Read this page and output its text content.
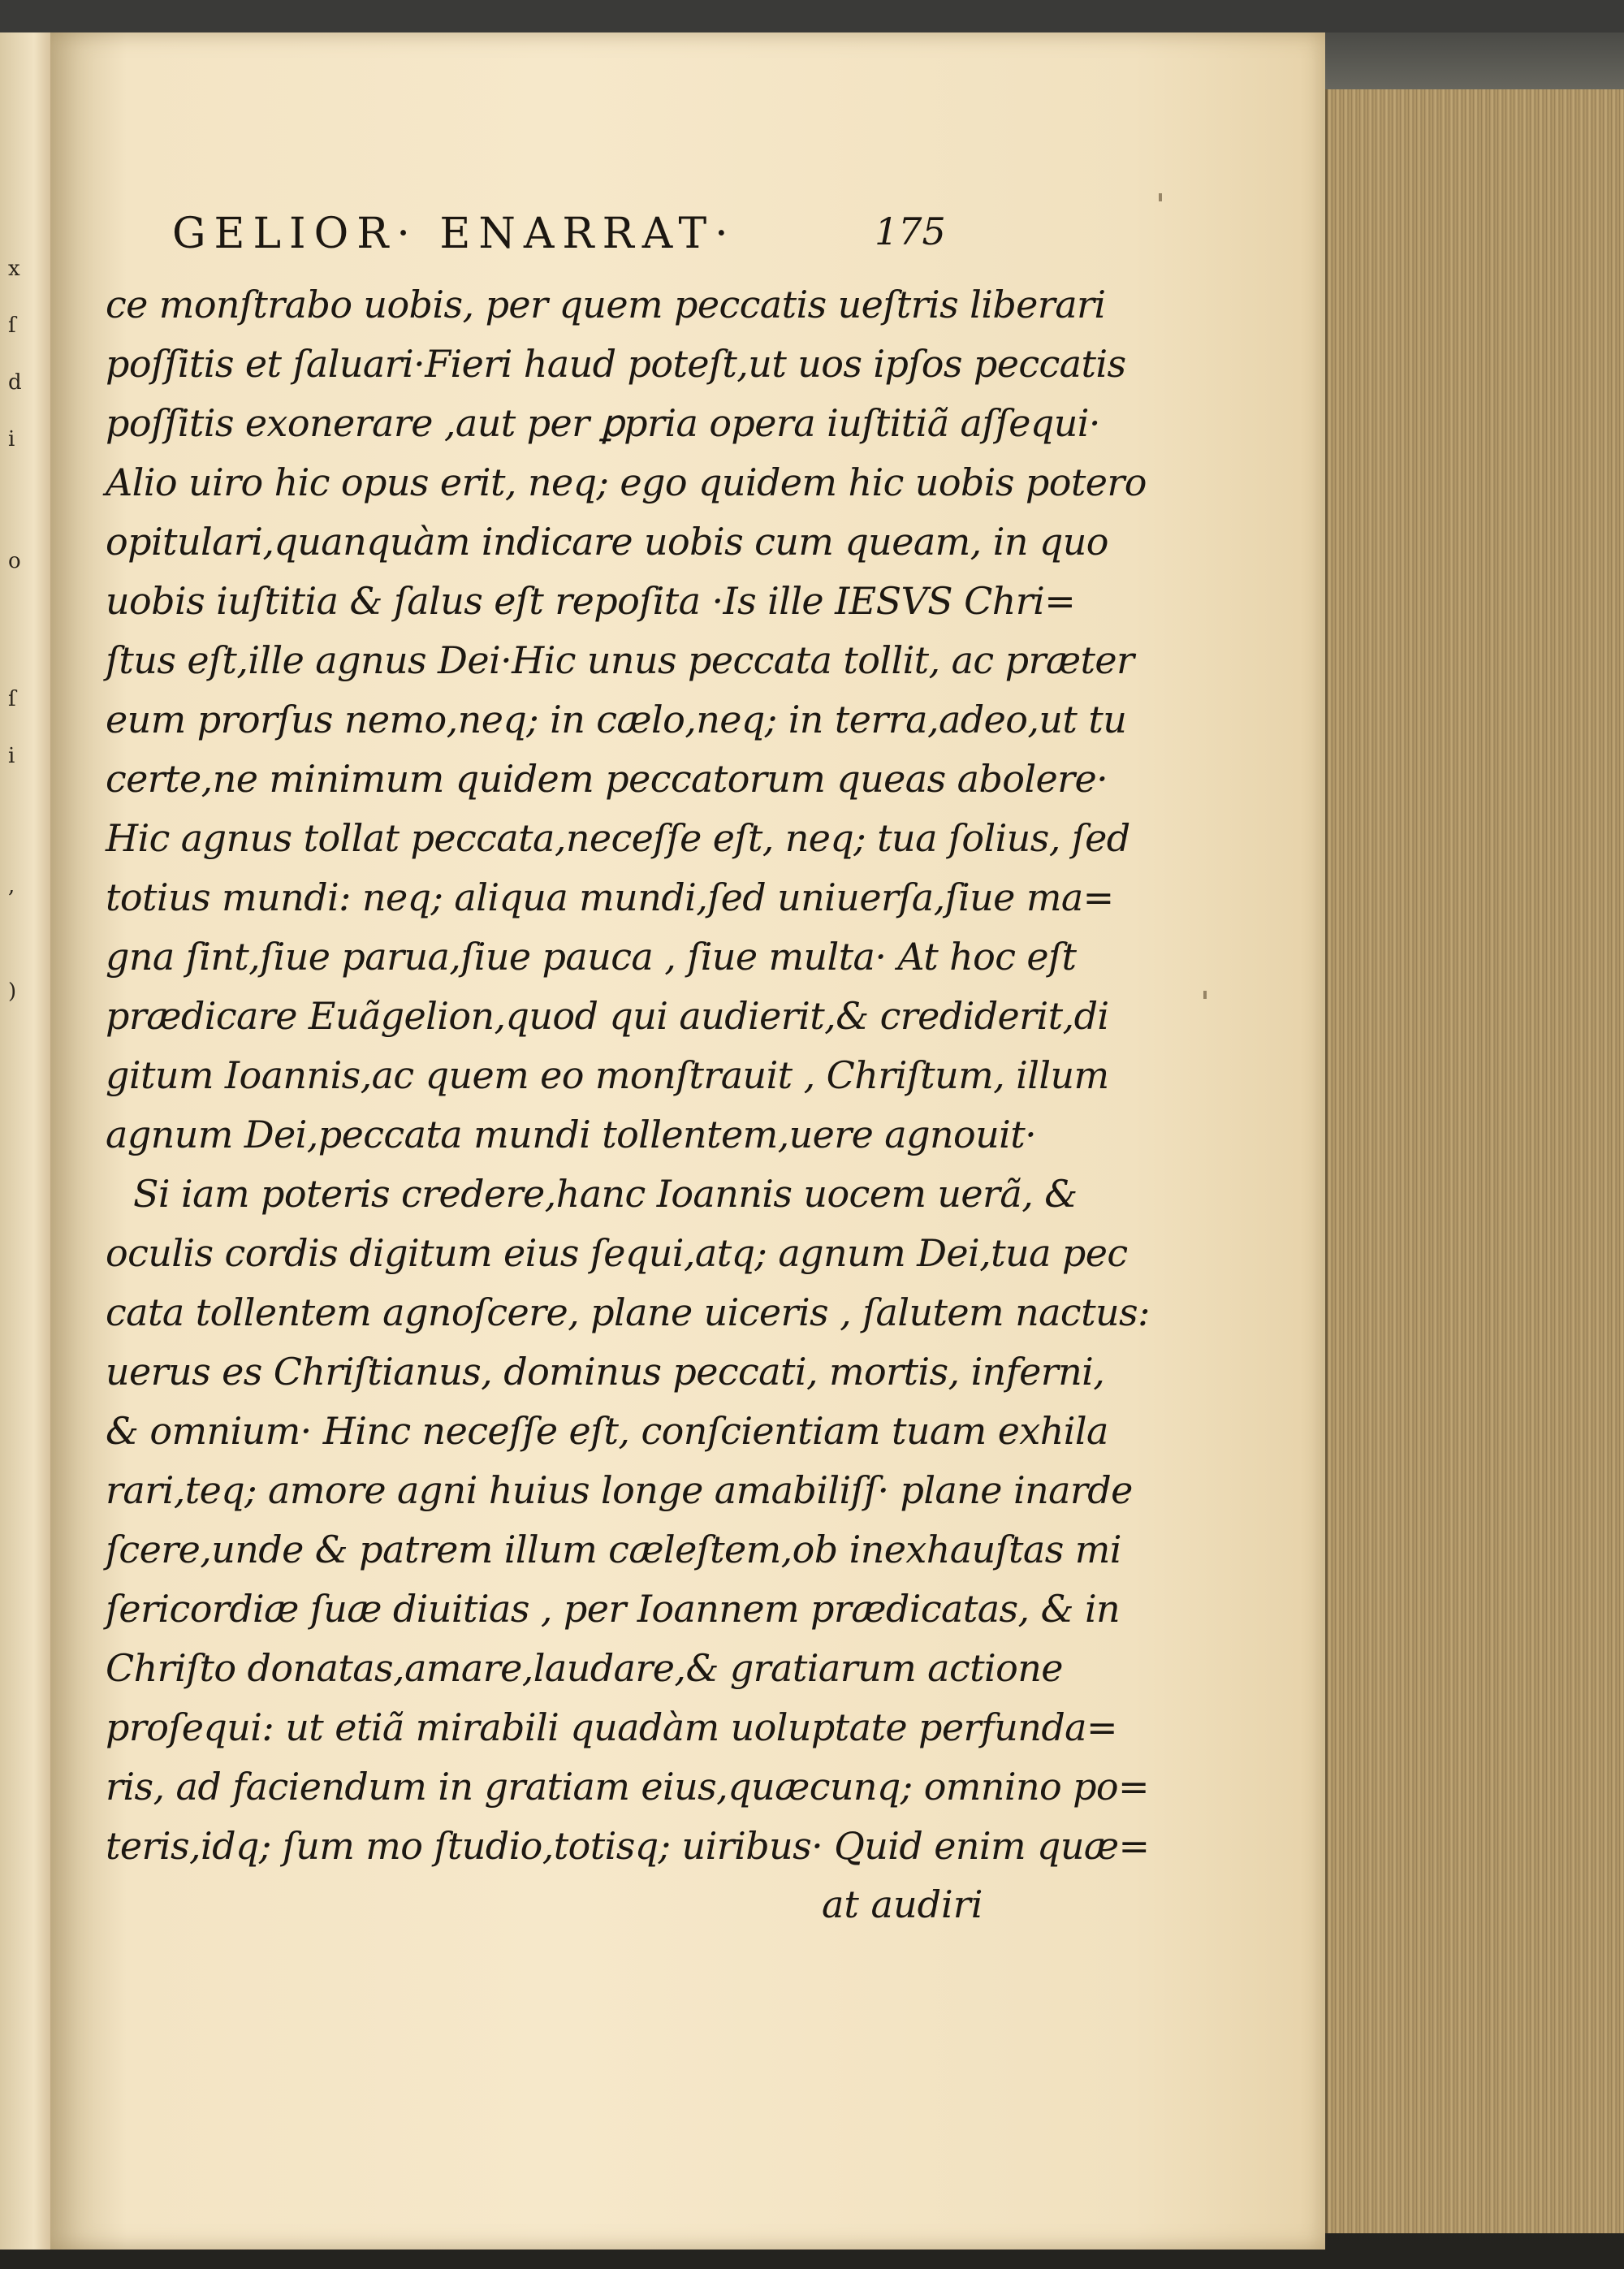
x
ſ
d
i
o
ſ
i
,
)
GELIOR· ENARRAT·	175
ce monſtrabo uobis, per quem peccatis ueſtris liberari
poſſitis et ſaluari·Fieri haud poteſt,ut uos ipſos peccatis
poſſitis exonerare ,aut per ꝑpria opera iuſtitiã aſſequi·
Alio uiro hic opus erit, neq; ego quidem hic uobis potero
opitulari,quanquàm indicare uobis cum queam, in quo
uobis iuſtitia & ſalus eſt repoſita ·Is ille IESVS Chri=
ſtus eſt,ille agnus Dei·Hic unus peccata tollit, ac præter
eum prorſus nemo,neq; in cælo,neq; in terra,adeo,ut tu
certe,ne minimum quidem peccatorum queas abolere·
Hic agnus tollat peccata,neceſſe eſt, neq; tua ſolius, ſed
totius mundi: neq; aliqua mundi,ſed uniuerſa,ſiue ma=
gna ſint,ſiue parua,ſiue pauca , ſiue multa· At hoc eſt
prædicare Euãgelion,quod qui audierit,& crediderit,di
gitum Ioannis,ac quem eo monſtrauit , Chriſtum, illum
agnum Dei,peccata mundi tollentem,uere agnouit·
Si iam poteris credere,hanc Ioannis uocem uerã, &
oculis cordis digitum eius ſequi,atq; agnum Dei,tua pec
cata tollentem agnoſcere, plane uiceris , ſalutem nactus:
uerus es Chriſtianus, dominus peccati, mortis, inferni,
& omnium· Hinc neceſſe eſt, conſcientiam tuam exhila
rari,teq; amore agni huius longe amabiliſſ· plane inarde
ſcere,unde & patrem illum cæleſtem,ob inexhauſtas mi
ſericordiæ ſuæ diuitias , per Ioannem prædicatas, & in
Chriſto donatas,amare,laudare,& gratiarum actione
proſequi: ut etiã mirabili quadàm uoluptate perfunda=
ris, ad faciendum in gratiam eius,quæcunq; omnino po=
teris,idq; ſum mo ſtudio,totisq; uiribus· Quid enim quæ=
at audiri
